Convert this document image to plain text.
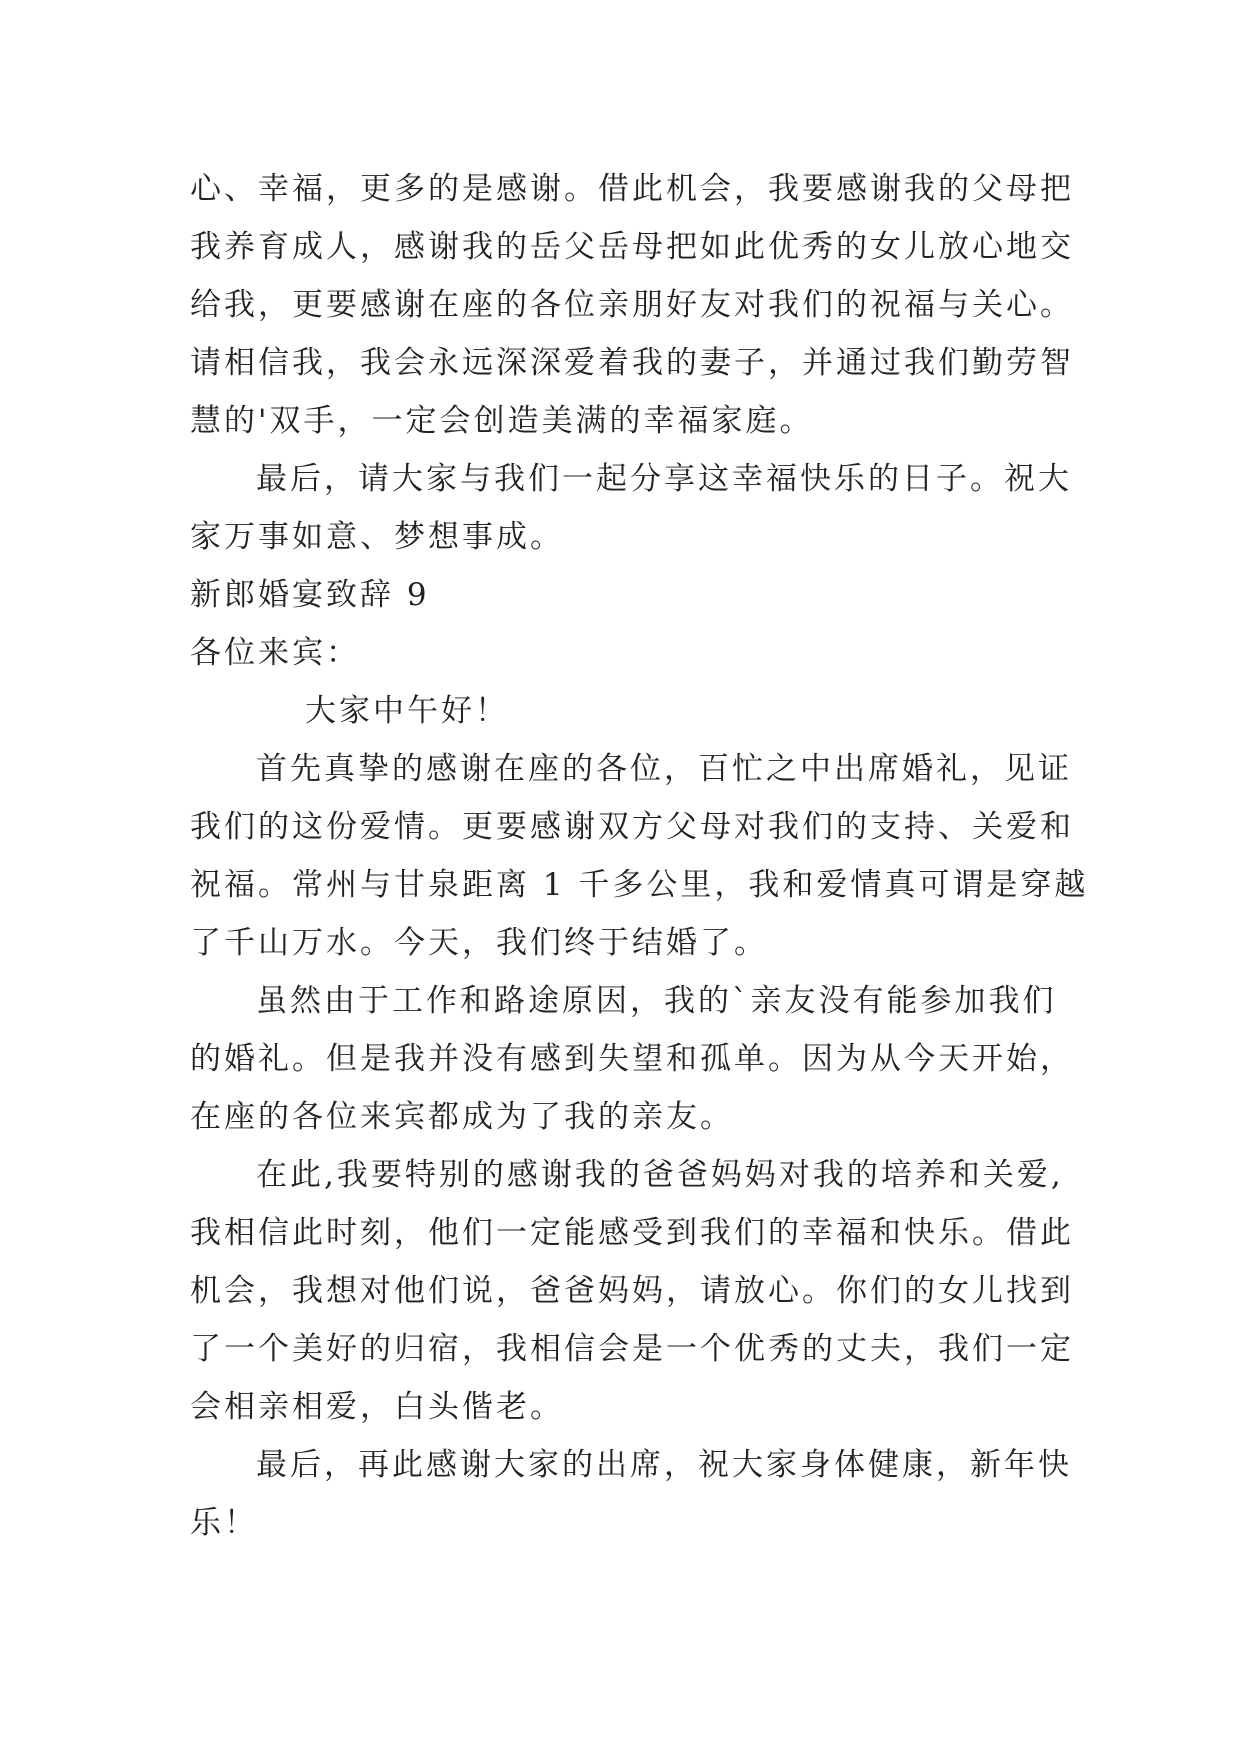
心、幸福，更多的是感谢。借此机会，我要感谢我的父母把
我养育成人，感谢我的岳父岳母把如此优秀的女儿放心地交
给我，更要感谢在座的各位亲朋好友对我们的祝福与关心。
请相信我，我会永远深深爱着我的妻子，并通过我们勤劳智
慧的'双手，一定会创造美满的幸福家庭。
最后，请大家与我们一起分享这幸福快乐的日子。祝大
家万事如意、梦想事成。
新郎婚宴致辞 9
各位来宾：
大家中午好！
首先真挚的感谢在座的各位，百忙之中出席婚礼，见证
我们的这份爱情。更要感谢双方父母对我们的支持、关爱和
祝福。常州与甘泉距离 1 千多公里，我和爱情真可谓是穿越
了千山万水。今天，我们终于结婚了。
虽然由于工作和路途原因，我的`亲友没有能参加我们
的婚礼。但是我并没有感到失望和孤单。因为从今天开始，
在座的各位来宾都成为了我的亲友。
在此,我要特别的感谢我的爸爸妈妈对我的培养和关爱,
我相信此时刻，他们一定能感受到我们的幸福和快乐。借此
机会，我想对他们说，爸爸妈妈，请放心。你们的女儿找到
了一个美好的归宿，我相信会是一个优秀的丈夫，我们一定
会相亲相爱，白头偕老。
最后，再此感谢大家的出席，祝大家身体健康，新年快
乐！
